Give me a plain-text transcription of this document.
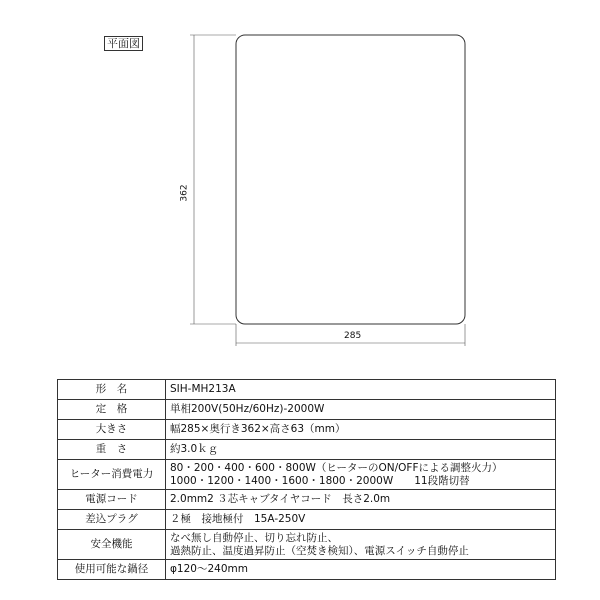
平面図
362
285
形　名	SIH-MH213A
定　格	単相200V(50Hz/60Hz)-2000W
大きさ	幅285×奥行き362×高さ63（mm）
重　さ	約3.0ｋｇ
ヒーター消費電力	80・200・400・600・800W（ヒーターのON/OFFによる調整火力）
1000・1200・1400・1600・1800・2000W　　11段階切替

電源コード	2.0mm2 ３芯キャブタイヤコード　長さ2.0m
差込プラグ	２極　接地極付　15A-250V
安全機能	なべ無し自動停止、切り忘れ防止、
過熱防止、温度過昇防止（空焚き検知）、電源スイッチ自動停止

使用可能な鍋径	φ120〜240mm
